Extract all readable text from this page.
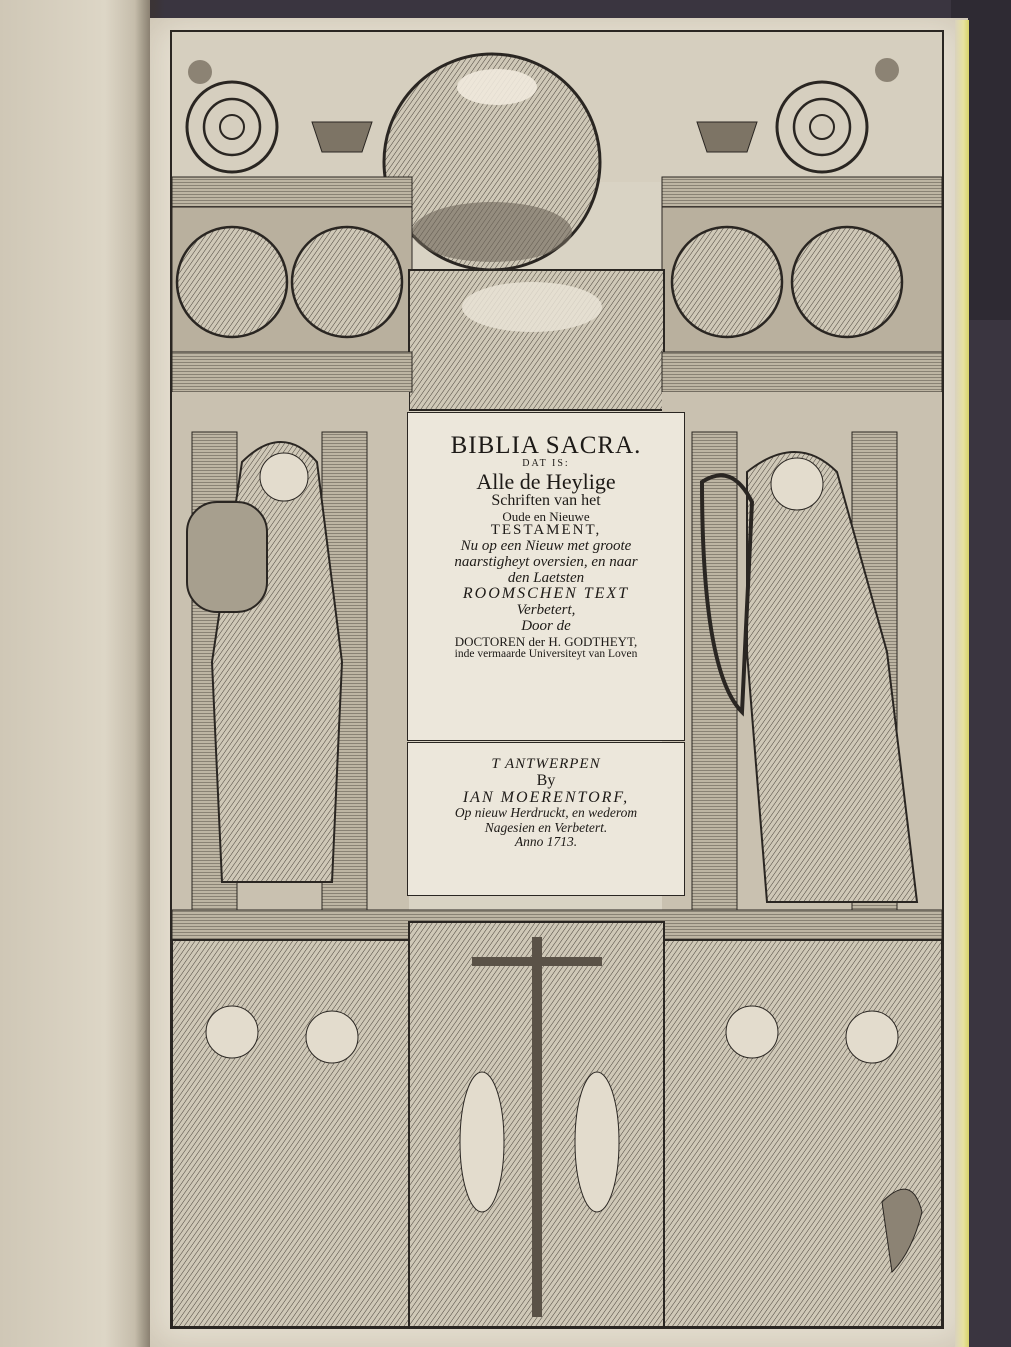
BIBLIA SACRA.
DAT IS:
Alle de Heylige
Schriften van het
Oude en Nieuwe
TESTAMENT,
Nu op een Nieuw met groote
naarstigheyt oversien, en naar
den Laetsten
ROOMSCHEN TEXT
Verbetert,
Door de
DOCTOREN der H. GODTHEYT,
inde vermaarde Universiteyt van Loven
T ANTWERPEN
By
IAN MOERENTORF,
Op nieuw Herdruckt, en wederom
Nagesien en Verbetert.
Anno 1713.
